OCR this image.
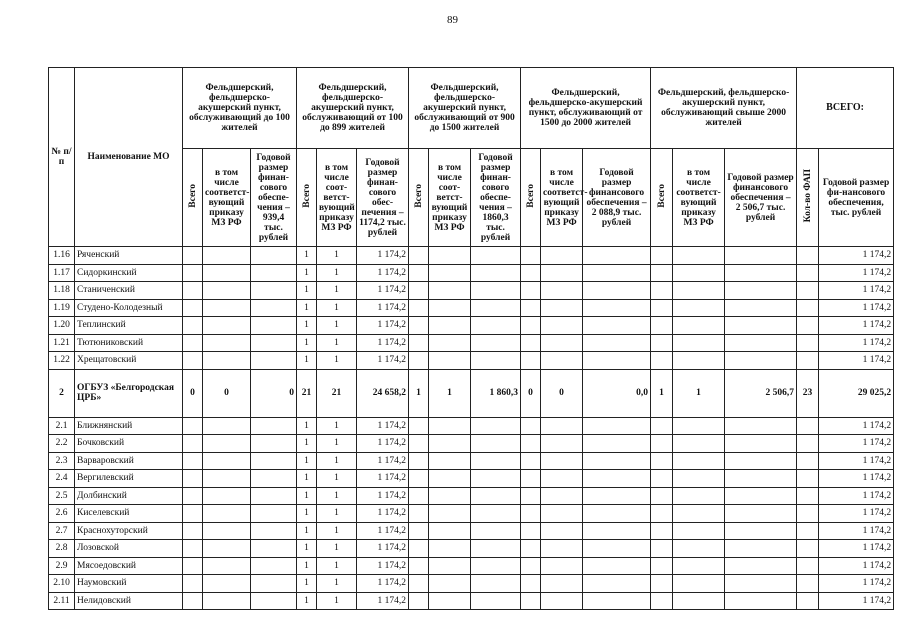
89
№ п/п	Наименование МО	Фельдшерский, фельдшерско-акушерский пункт, обслуживающий до 100 жителей			Фельдшерский, фельдшерско-акушерский пункт, обслуживающий от 100 до 899 жителей			Фельдшерский, фельдшерско-акушерский пункт, обслуживающий от 900 до 1500 жителей			Фельдшерский, фельдшерско-акушерский пункт, обслуживающий от 1500 до 2000 жителей			Фельдшерский, фельдшерско-акушерский пункт, обслуживающий свыше 2000 жителей			ВСЕГО:	
		Всего	в том числе соответст-вующий приказу МЗ РФ	Годовой размер финан-сового обеспе-чения – 939,4 тыс. рублей	Всего	в том числе соот-ветст-вующий приказу МЗ РФ	Годовой размер финан-сового обес-печения – 1174,2 тыс. рублей	Всего	в том числе соот-ветст-вующий приказу МЗ РФ	Годовой размер финан-сового обеспе-чения – 1860,3 тыс. рублей	Всего	в том числе соответст-вующий приказу МЗ РФ	Годовой размер финансового обеспечения – 2 088,9 тыс. рублей	Всего	в том числе соответст-вующий приказу МЗ РФ	Годовой размер финансового обеспечения – 2 506,7 тыс. рублей	Кол-во ФАП	Годовой размер фи-нансового обеспечения, тыс. рублей
1.16	Ряченский				1	1	1 174,2											1 174,2
1.17	Сидоркинский				1	1	1 174,2											1 174,2
1.18	Станиченский				1	1	1 174,2											1 174,2
1.19	Студено-Колодезный				1	1	1 174,2											1 174,2
1.20	Теплинский				1	1	1 174,2											1 174,2
1.21	Тютюниковский				1	1	1 174,2											1 174,2
1.22	Хрещатовский				1	1	1 174,2											1 174,2
2	ОГБУЗ «Белгородская ЦРБ»	0	0	0	21	21	24 658,2	1	1	1 860,3	0	0	0,0	1	1	2 506,7	23	29 025,2
2.1	Ближнянский				1	1	1 174,2											1 174,2
2.2	Бочковский				1	1	1 174,2											1 174,2
2.3	Варваровский				1	1	1 174,2											1 174,2
2.4	Вергилевский				1	1	1 174,2											1 174,2
2.5	Долбинский				1	1	1 174,2											1 174,2
2.6	Киселевский				1	1	1 174,2											1 174,2
2.7	Краснохуторский				1	1	1 174,2											1 174,2
2.8	Лозовской				1	1	1 174,2											1 174,2
2.9	Мясоедовский				1	1	1 174,2											1 174,2
2.10	Наумовский				1	1	1 174,2											1 174,2
2.11	Нелидовский				1	1	1 174,2											1 174,2
